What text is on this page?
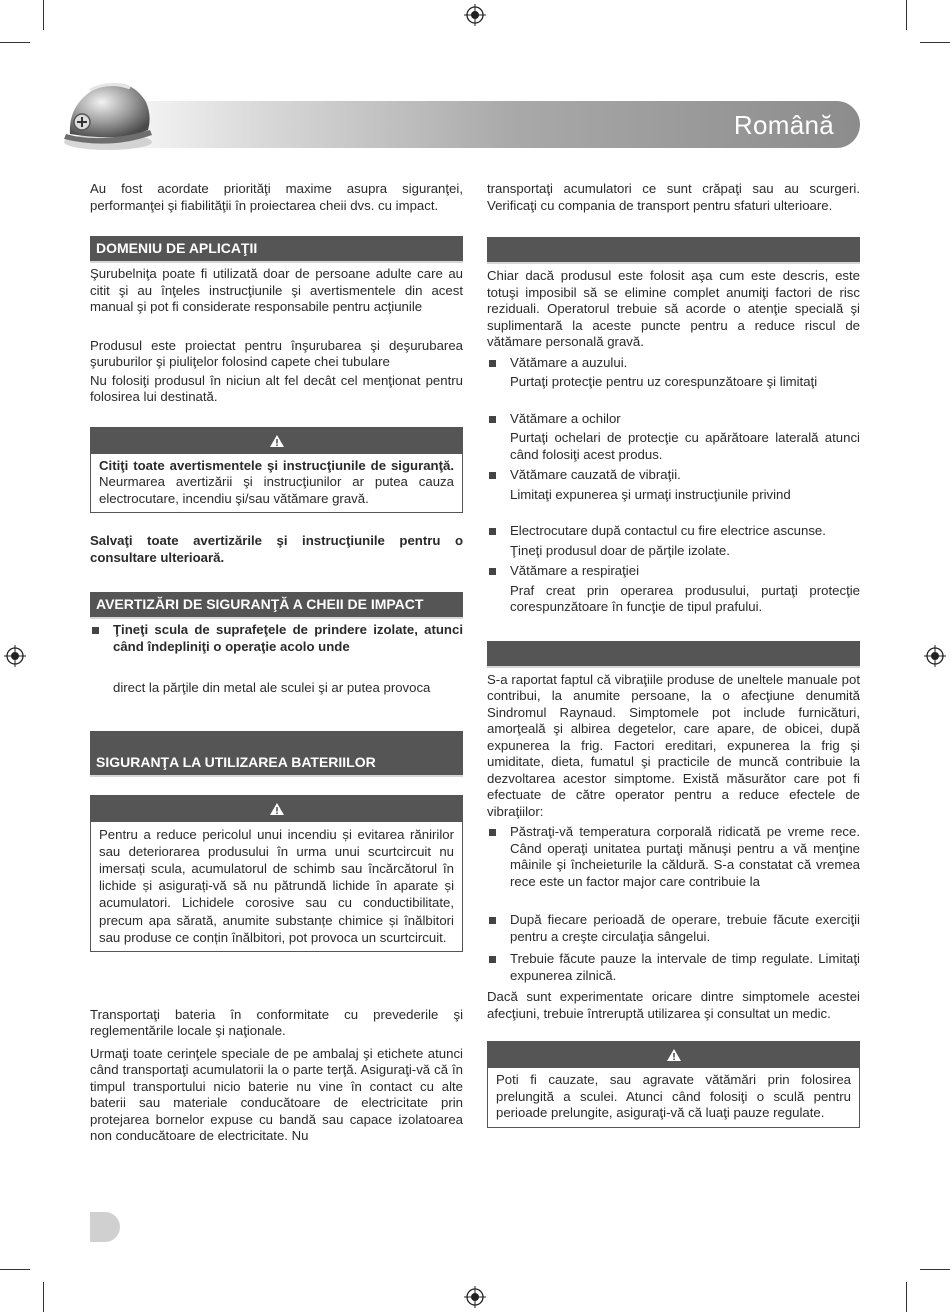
Română

Au fost acordate priorităţi maxime asupra siguranţei, performanţei şi fiabilităţii în proiectarea cheii dvs. cu impact.

DOMENIU DE APLICAŢII

Şurubelniţa poate fi utilizată doar de persoane adulte care au citit şi au înţeles instrucţiunile şi avertismentele din acest manual şi pot fi considerate responsabile pentru acţiunile

Produsul este proiectat pentru înşurubarea şi deşurubarea şuruburilor şi piuliţelor folosind capete chei tubulare

Nu folosiţi produsul în niciun alt fel decât cel menţionat pentru folosirea lui destinată.

Citiţi toate avertismentele şi instrucţiunile de siguranţă. Neurmarea avertizării şi instrucţiunilor ar putea cauza electrocutare, incendiu şi/sau vătămare gravă.

Salvaţi toate avertizările şi instrucţiunile pentru o consultare ulterioară.

AVERTIZĂRI DE SIGURANŢĂ A CHEII DE IMPACT
Ţineţi scula de suprafeţele de prindere izolate, atunci când îndepliniţi o operaţie acolo unde

direct la părţile din metal ale sculei şi ar putea provoca

SIGURANŢA LA UTILIZAREA BATERIILOR
Pentru a reduce pericolul unui incendiu și evitarea rănirilor sau deteriorarea produsului în urma unui scurtcircuit nu imersați scula, acumulatorul de schimb sau încărcătorul în lichide și asigurați-vă să nu pătrundă lichide în aparate și acumulatori. Lichidele corosive sau cu conductibilitate, precum apa sărată, anumite substanțe chimice și înălbitori sau produse ce conțin înălbitori, pot provoca un scurtcircuit.

Transportaţi bateria în conformitate cu prevederile şi reglementările locale şi naţionale.

Urmaţi toate cerinţele speciale de pe ambalaj şi etichete atunci când transportaţi acumulatorii la o parte terţă. Asiguraţi-vă că în timpul transportului nicio baterie nu vine în contact cu alte baterii sau materiale conducătoare de electricitate prin protejarea bornelor expuse cu bandă sau capace izolatoarea non conducătoare de electricitate. Nu

transportaţi acumulatori ce sunt crăpaţi sau au scurgeri. Verificaţi cu compania de transport pentru sfaturi ulterioare.

Chiar dacă produsul este folosit aşa cum este descris, este totuşi imposibil să se elimine complet anumiţi factori de risc reziduali. Operatorul trebuie să acorde o atenţie specială şi suplimentară la aceste puncte pentru a reduce riscul de vătămare personală gravă.

Vătămare a auzului.
Purtaţi protecţie pentru uz corespunzătoare şi limitaţi
Vătămare a ochilor
Purtaţi ochelari de protecţie cu apărătoare laterală atunci când folosiţi acest produs.
Vătămare cauzată de vibraţii.
Limitaţi expunerea şi urmaţi instrucţiunile privind
Electrocutare după contactul cu fire electrice ascunse.
Ţineţi produsul doar de părţile izolate.
Vătămare a respiraţiei
Praf creat prin operarea produsului, purtaţi protecţie corespunzătoare în funcţie de tipul prafului.

S-a raportat faptul că vibraţiile produse de uneltele manuale pot contribui, la anumite persoane, la o afecţiune denumită Sindromul Raynaud. Simptomele pot include furnicături, amorţeală şi albirea degetelor, care apare, de obicei, după expunerea la frig. Factori ereditari, expunerea la frig şi umiditate, dieta, fumatul şi practicile de muncă contribuie la dezvoltarea acestor simptome. Există măsurător care pot fi efectuate de către operator pentru a reduce efectele de vibraţiilor:

Păstraţi-vă temperatura corporală ridicată pe vreme rece. Când operaţi unitatea purtaţi mănuşi pentru a vă menţine mâinile şi încheieturile la căldură. S-a constatat că vremea rece este un factor major care contribuie la
După fiecare perioadă de operare, trebuie făcute exerciţii pentru a creşte circulaţia sângelui.
Trebuie făcute pauze la intervale de timp regulate. Limitaţi expunerea zilnică.

Dacă sunt experimentate oricare dintre simptomele acestei afecţiuni, trebuie întreruptă utilizarea şi consultat un medic.

Poti fi cauzate, sau agravate vătămări prin folosirea prelungită a sculei. Atunci când folosiţi o sculă pentru perioade prelungite, asiguraţi-vă că luaţi pauze regulate.
